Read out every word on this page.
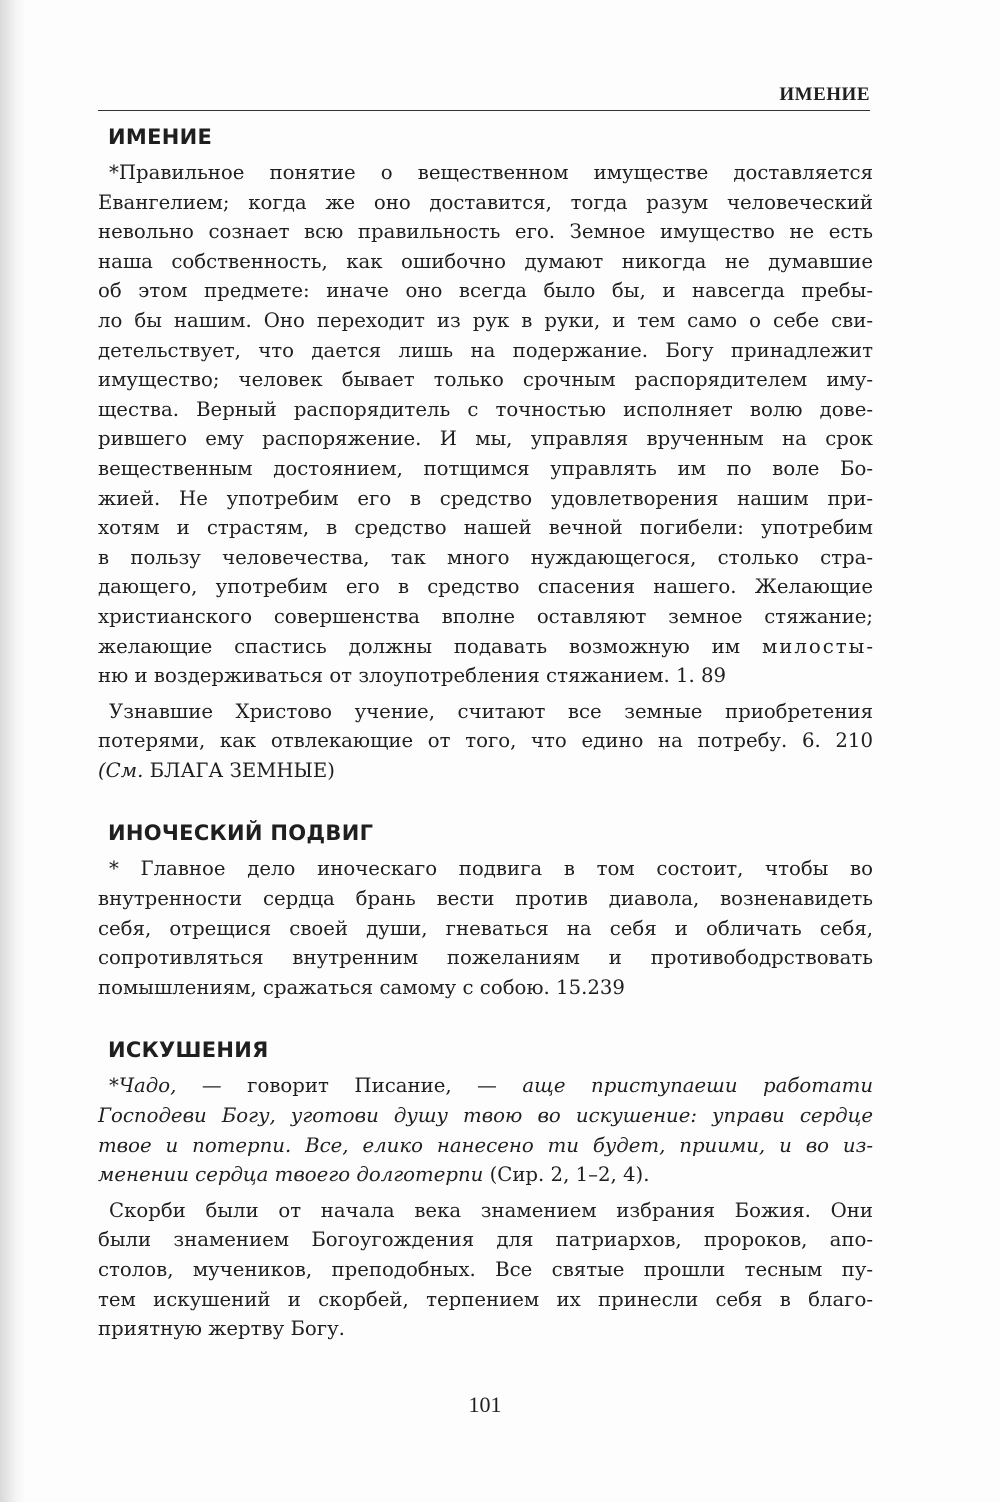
ИМЕНИЕ
ИМЕНИЕ

*Правильное понятие о вещественном имуществе доставляется
Евангелием; когда же оно доставится, тогда разум человеческий
невольно сознает всю правильность его. Земное имущество не есть
наша собственность, как ошибочно думают никогда не думавшие
об этом предмете: иначе оно всегда было бы, и навсегда пребы-
ло бы нашим. Оно переходит из рук в руки, и тем само о себе сви-
детельствует, что дается лишь на подержание. Богу принадлежит
имущество; человек бывает только срочным распорядителем иму-
щества. Верный распорядитель с точностью исполняет волю дове-
рившего ему распоряжение. И мы, управляя врученным на срок
вещественным достоянием, потщимся управлять им по воле Бо-
жией. Не употребим его в средство удовлетворения нашим при-
хотям и страстям, в средство нашей вечной погибели: употребим
в пользу человечества, так много нуждающегося, столько стра-
дающего, употребим его в средство спасения нашего. Желающие
христианского совершенства вполне оставляют земное стяжание;
желающие спастись должны подавать возможную им милосты-
ню и воздерживаться от злоупотребления стяжанием. 1. 89

Узнавшие Христово учение, считают все земные приобретения
потерями, как отвлекающие от того, что едино на потребу. 6. 210
(См. БЛАГА ЗЕМНЫЕ)

ИНОЧЕСКИЙ ПОДВИГ

* Главное дело иноческаго подвига в том состоит, чтобы во
внутренности сердца брань вести против диавола, возненавидеть
себя, отрещися своей души, гневаться на себя и обличать себя,
сопротивляться внутренним пожеланиям и противободрствовать
помышлениям, сражаться самому с собою. 15.239

ИСКУШЕНИЯ

*Чадо, — говорит Писание, — аще приступаеши работати
Господеви Богу, уготови душу твою во искушение: управи сердце
твое и потерпи. Все, елико нанесено ти будет, приими, и во из-
менении сердца твоего долготерпи (Сир. 2, 1–2, 4).

Скорби были от начала века знамением избрания Божия. Они
были знамением Богоугождения для патриархов, пророков, апо-
столов, мучеников, преподобных. Все святые прошли тесным пу-
тем искушений и скорбей, терпением их принесли себя в благо-
приятную жертву Богу.

101
